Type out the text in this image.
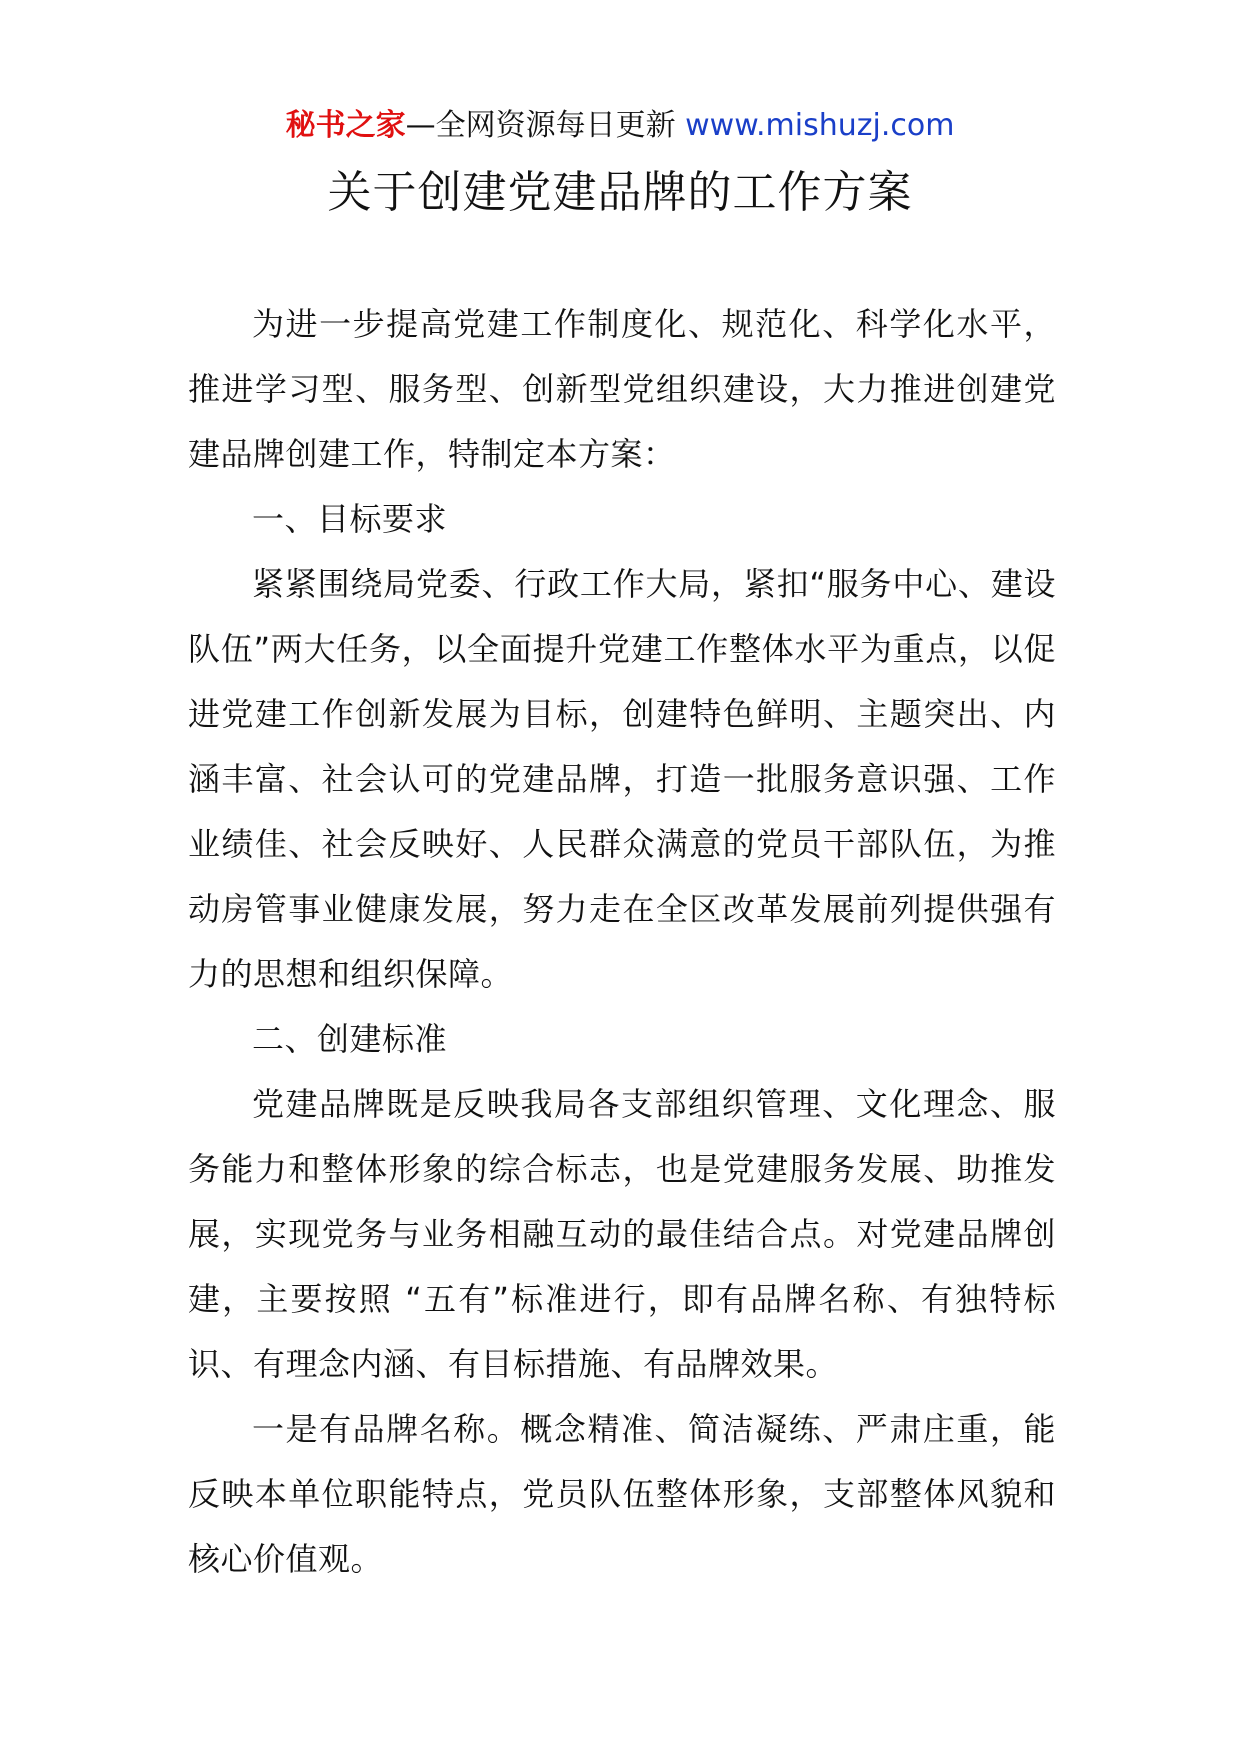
秘书之家—全网资源每日更新 www.mishuzj.com
关于创建党建品牌的工作方案

为进一步提高党建工作制度化、规范化、科学化水平，推进学习型、服务型、创新型党组织建设，大力推进创建党建品牌创建工作，特制定本方案：

一、目标要求

紧紧围绕局党委、行政工作大局，紧扣“服务中心、建设队伍”两大任务，以全面提升党建工作整体水平为重点，以促进党建工作创新发展为目标，创建特色鲜明、主题突出、内涵丰富、社会认可的党建品牌，打造一批服务意识强、工作业绩佳、社会反映好、人民群众满意的党员干部队伍，为推动房管事业健康发展，努力走在全区改革发展前列提供强有力的思想和组织保障。

二、创建标准

党建品牌既是反映我局各支部组织管理、文化理念、服务能力和整体形象的综合标志，也是党建服务发展、助推发展，实现党务与业务相融互动的最佳结合点。对党建品牌创建，主要按照 “五有”标准进行，即有品牌名称、有独特标识、有理念内涵、有目标措施、有品牌效果。

一是有品牌名称。概念精准、简洁凝练、严肃庄重，能反映本单位职能特点，党员队伍整体形象，支部整体风貌和核心价值观。
